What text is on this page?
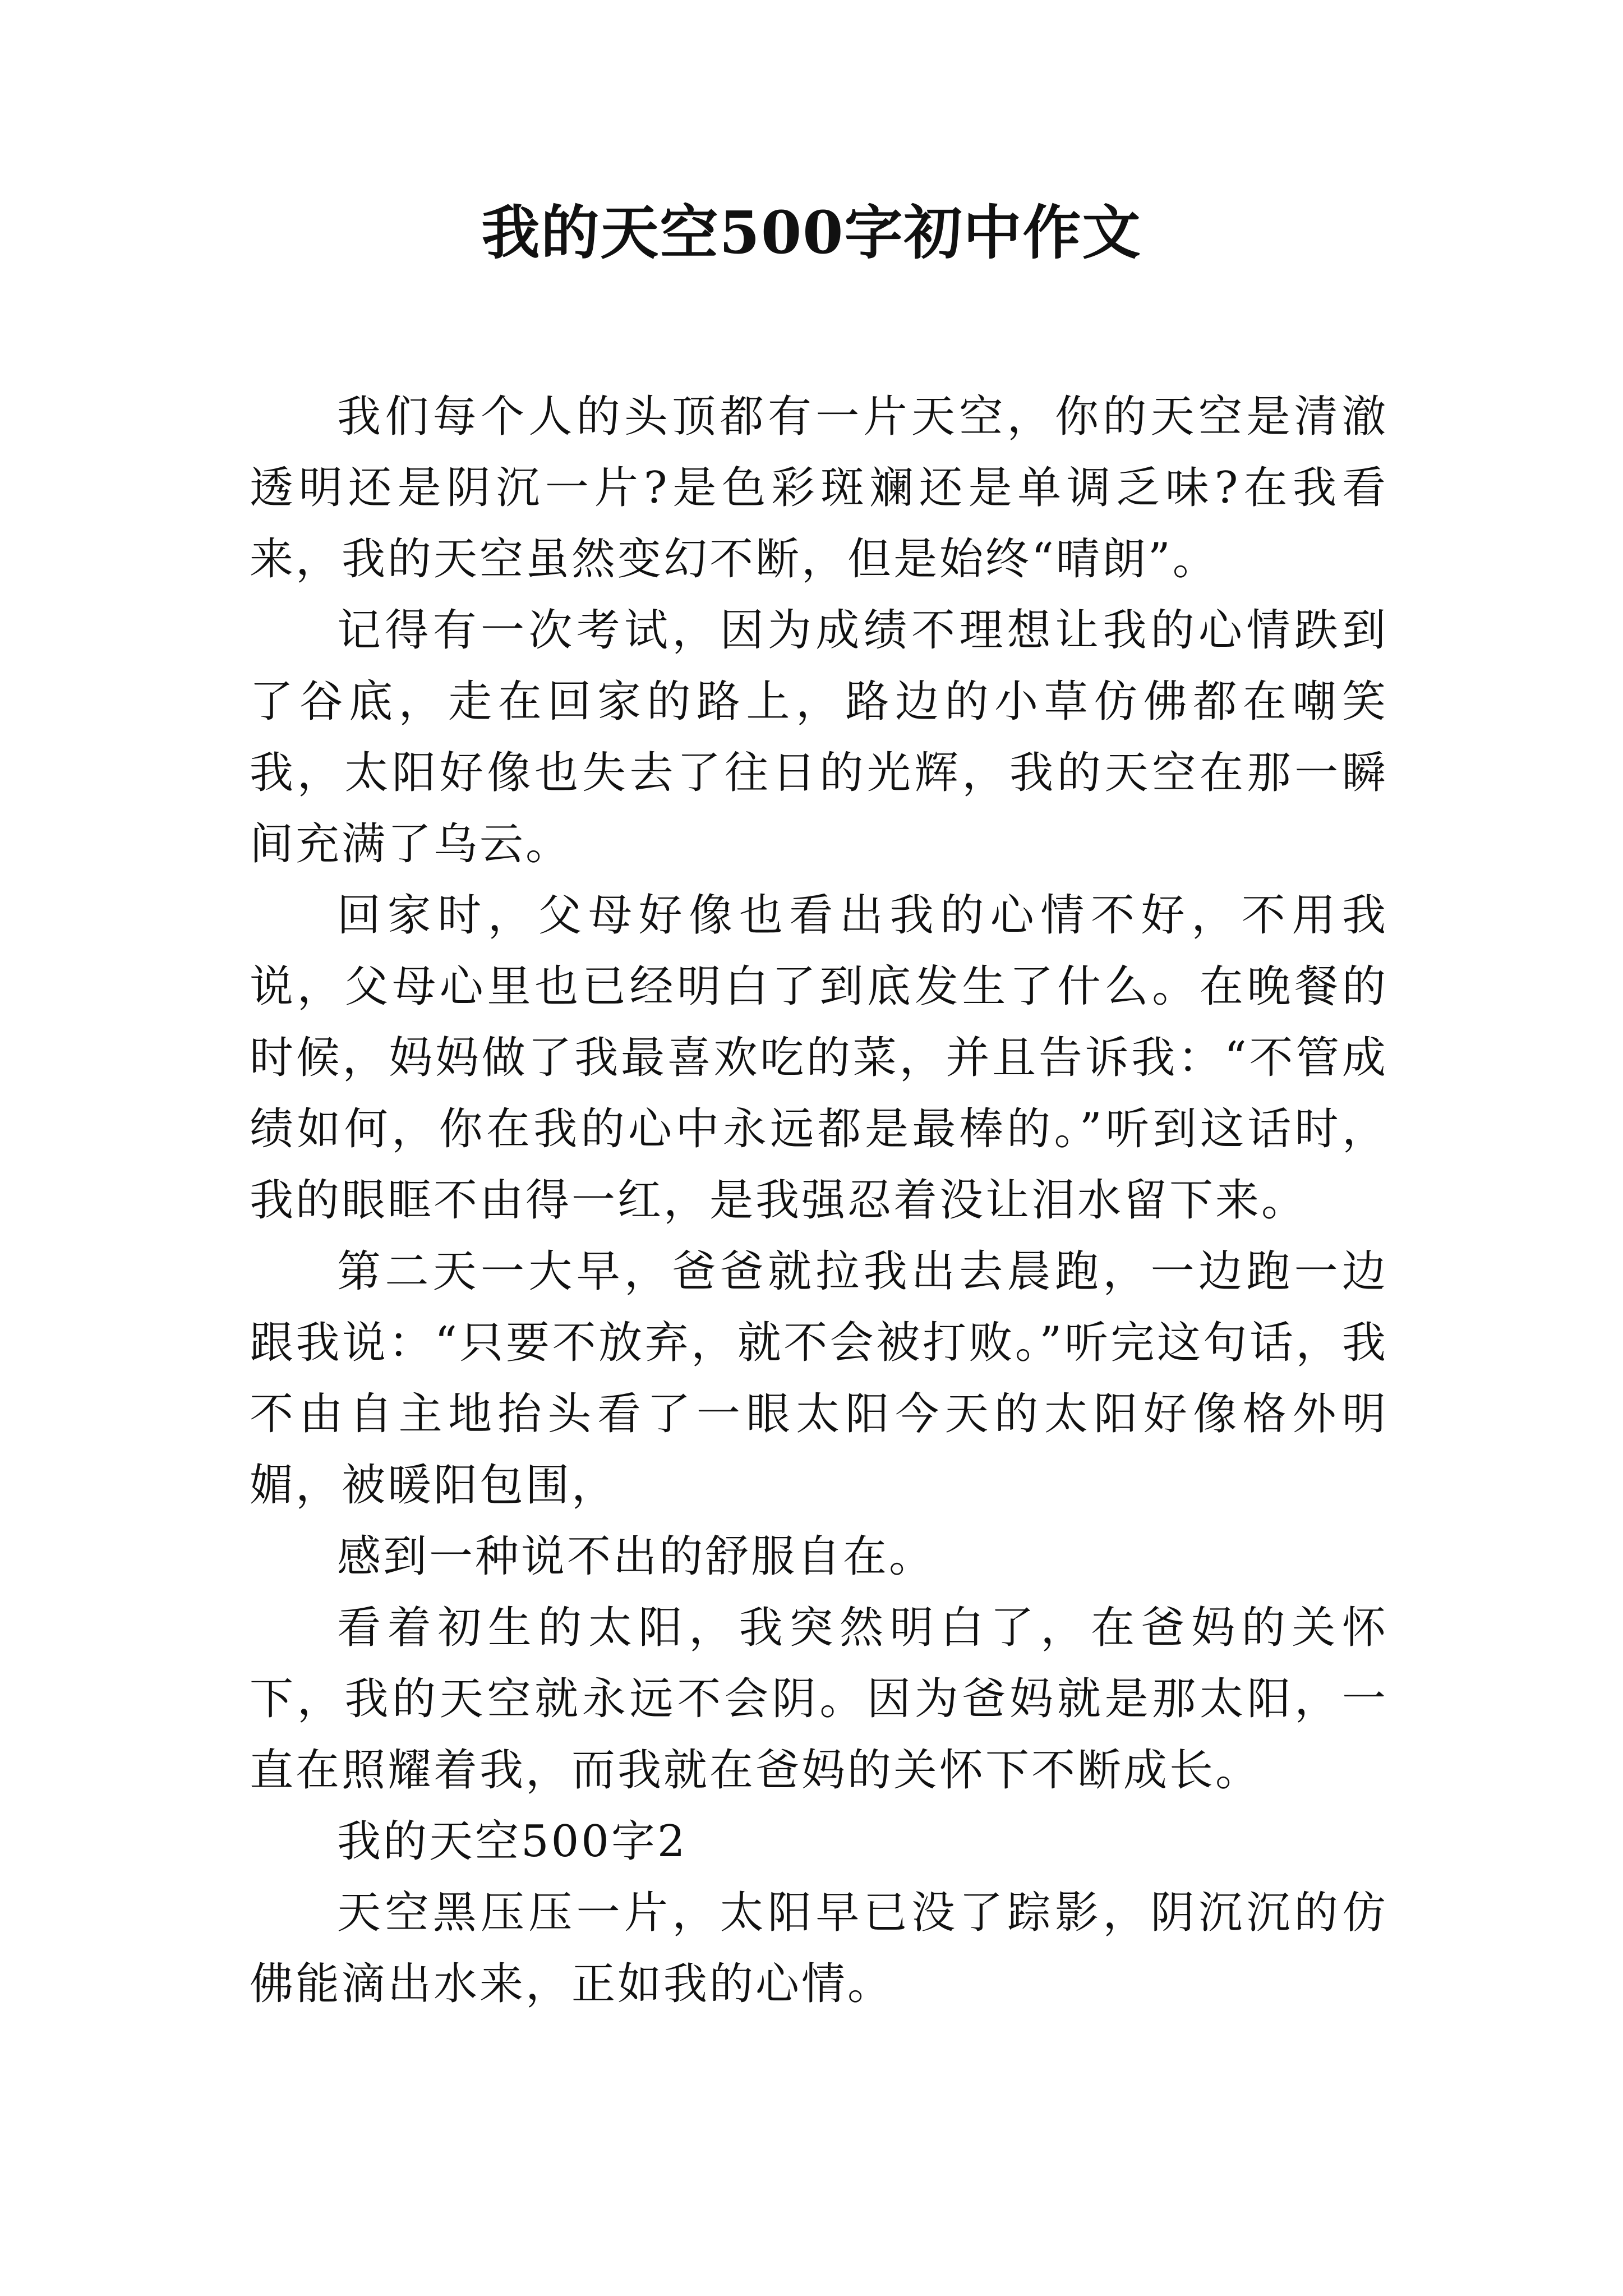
我的天空500字初中作文

我们每个人的头顶都有一片天空，你的天空是清澈透明还是阴沉一片?是色彩斑斓还是单调乏味?在我看来，我的天空虽然变幻不断，但是始终“晴朗”。

记得有一次考试，因为成绩不理想让我的心情跌到了谷底，走在回家的路上，路边的小草仿佛都在嘲笑我，太阳好像也失去了往日的光辉，我的天空在那一瞬间充满了乌云。

回家时，父母好像也看出我的心情不好，不用我说，父母心里也已经明白了到底发生了什么。在晚餐的时候，妈妈做了我最喜欢吃的菜，并且告诉我：“不管成绩如何，你在我的心中永远都是最棒的。”听到这话时，我的眼眶不由得一红，是我强忍着没让泪水留下来。

第二天一大早，爸爸就拉我出去晨跑，一边跑一边跟我说：“只要不放弃，就不会被打败。”听完这句话，我不由自主地抬头看了一眼太阳今天的太阳好像格外明媚，被暖阳包围，

感到一种说不出的舒服自在。

看着初生的太阳，我突然明白了，在爸妈的关怀下，我的天空就永远不会阴。因为爸妈就是那太阳，一直在照耀着我，而我就在爸妈的关怀下不断成长。

我的天空500字2

天空黑压压一片，太阳早已没了踪影，阴沉沉的仿佛能滴出水来，正如我的心情。
